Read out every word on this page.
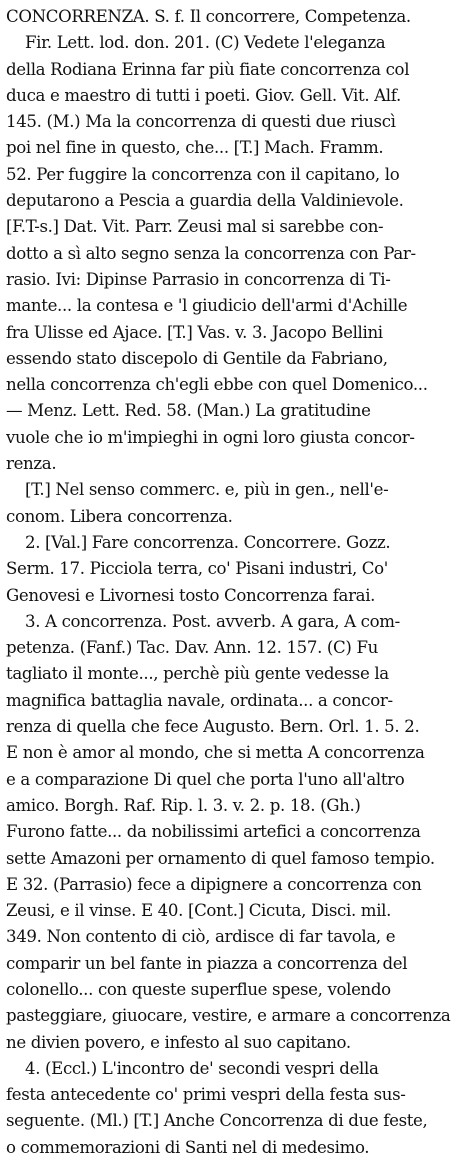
CONCORRENZA. S. f. Il concorrere, Competenza.
Fir. Lett. lod. don. 201. (C) Vedete l'eleganza
della Rodiana Erinna far più fiate concorrenza col
duca e maestro di tutti i poeti. Giov. Gell. Vit. Alf.
145. (M.) Ma la concorrenza di questi due riuscì
poi nel fine in questo, che... [T.] Mach. Framm.
52. Per fuggire la concorrenza con il capitano, lo
deputarono a Pescia a guardia della Valdinievole.
[F.T-s.] Dat. Vit. Parr. Zeusi mal si sarebbe con-
dotto a sì alto segno senza la concorrenza con Par-
rasio. Ivi: Dipinse Parrasio in concorrenza di Ti-
mante... la contesa e 'l giudicio dell'armi d'Achille
fra Ulisse ed Ajace. [T.] Vas. v. 3. Jacopo Bellini
essendo stato discepolo di Gentile da Fabriano,
nella concorrenza ch'egli ebbe con quel Domenico...
— Menz. Lett. Red. 58. (Man.) La gratitudine
vuole che io m'impieghi in ogni loro giusta concor-
renza.
[T.] Nel senso commerc. e, più in gen., nell'e-
conom. Libera concorrenza.
2. [Val.] Fare concorrenza. Concorrere. Gozz.
Serm. 17. Picciola terra, co' Pisani industri, Co'
Genovesi e Livornesi tosto Concorrenza farai.
3. A concorrenza. Post. avverb. A gara, A com-
petenza. (Fanf.) Tac. Dav. Ann. 12. 157. (C) Fu
tagliato il monte..., perchè più gente vedesse la
magnifica battaglia navale, ordinata... a concor-
renza di quella che fece Augusto. Bern. Orl. 1. 5. 2.
E non è amor al mondo, che si metta A concorrenza
e a comparazione Di quel che porta l'uno all'altro
amico. Borgh. Raf. Rip. l. 3. v. 2. p. 18. (Gh.)
Furono fatte... da nobilissimi artefici a concorrenza
sette Amazoni per ornamento di quel famoso tempio.
E 32. (Parrasio) fece a dipignere a concorrenza con
Zeusi, e il vinse. E 40. [Cont.] Cicuta, Disci. mil.
349. Non contento di ciò, ardisce di far tavola, e
comparir un bel fante in piazza a concorrenza del
colonello... con queste superflue spese, volendo
pasteggiare, giuocare, vestire, e armare a concorrenza
ne divien povero, e infesto al suo capitano.
4. (Eccl.) L'incontro de' secondi vespri della
festa antecedente co' primi vespri della festa sus-
seguente. (Ml.) [T.] Anche Concorrenza di due feste,
o commemorazioni di Santi nel di medesimo.
